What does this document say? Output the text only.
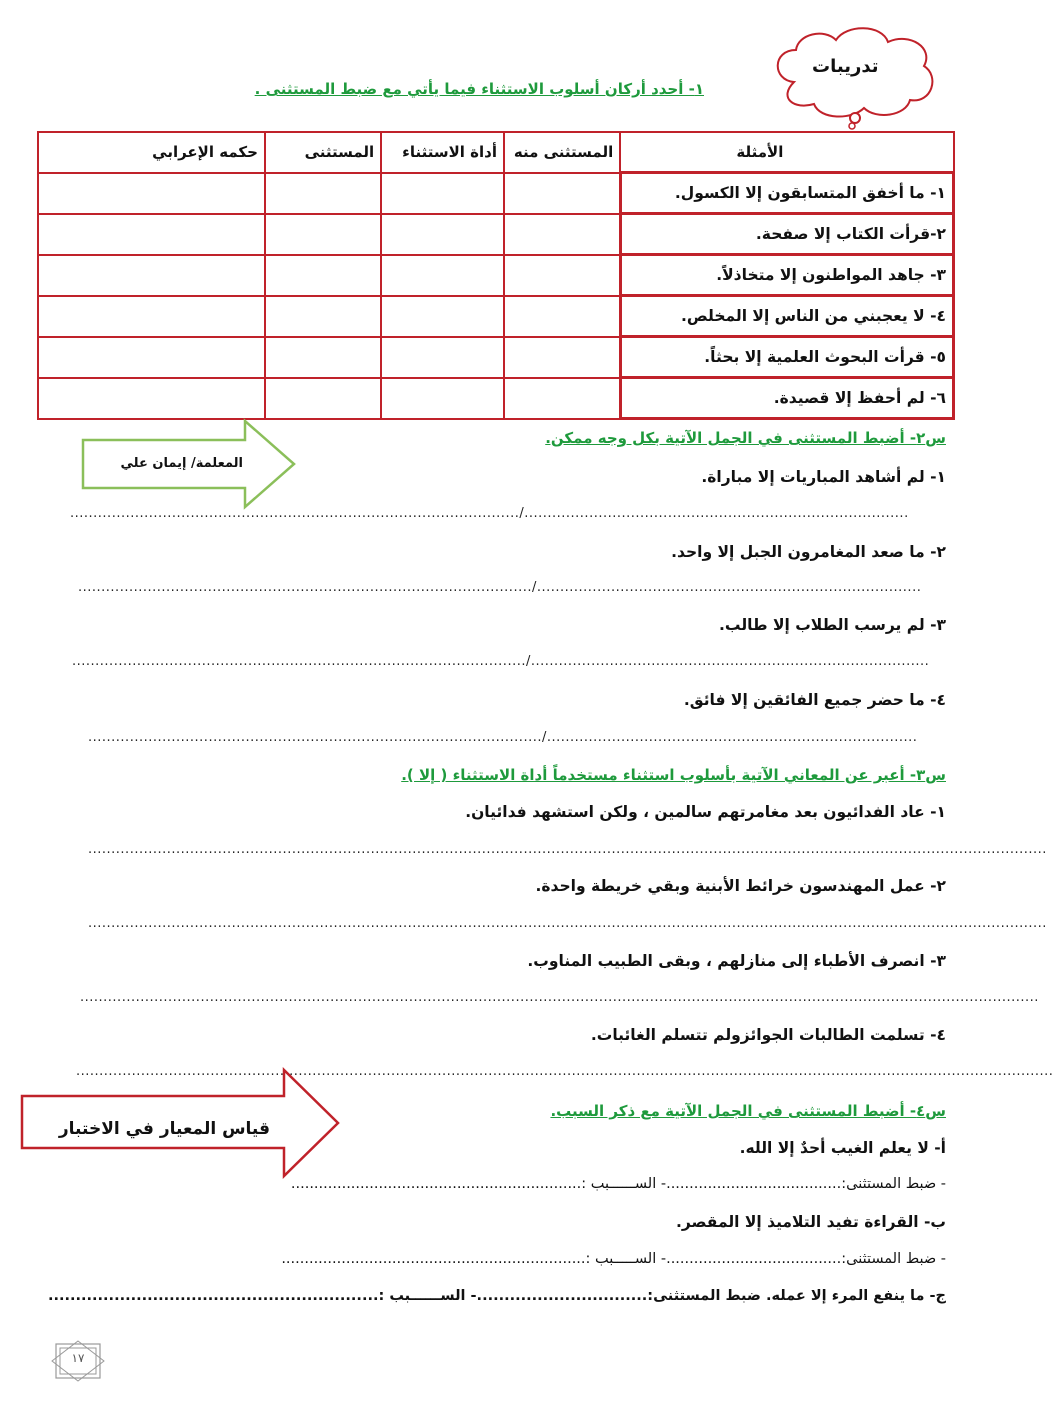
تدريبات
١- أحدد أركان أسلوب الاستثناء فيما يأتي مع ضبط المستثنى .
الأمثلة	المستثنى منه	أداة الاستثناء	المستثنى	حكمه الإعرابي
١- ما أخفق المتسابقون إلا الكسول.				
٢-قرأت الكتاب إلا صفحة.				
٣- جاهد المواطنون إلا متخاذلاً.				
٤- لا يعجبني من الناس إلا المخلص.				
٥- قرأت البحوث العلمية إلا بحثاً.				
٦- لم أحفظ إلا قصيدة.				
المعلمة/ إيمان علي
س٢- أضبط المستثنى في الجمل الآتية بكل وجه ممكن.
١- لم أشاهد المباريات إلا مباراة.
................................................................................................./...................................................................................
٢- ما صعد المغامرون الجبل إلا واحد.
................................................................................................../...................................................................................
٣- لم يرسب الطلاب إلا طالب.
................................................................................................../......................................................................................
٤- ما حضر جميع الفائقين إلا فائق.
................................................................................................../................................................................................
س٣- أعبر عن المعاني الآتية بأسلوب استثناء مستخدماً أداة الاستثناء ( إلا ).
١- عاد الفدائيون بعد مغامرتهم سالمين ، ولكن استشهد فدائيان.
...............................................................................................................................................................................................................
٢- عمل المهندسون خرائط الأبنية وبقي خريطة واحدة.
...............................................................................................................................................................................................................
٣- انصرف الأطباء إلى منازلهم ، وبقى الطبيب المناوب.
...............................................................................................................................................................................................................
٤- تسلمت الطالبات الجوائزولم تتسلم الغائبات.
...................................................................................................................................................................................................................
قياس المعيار في الاختبار
س٤- أضبط المستثنى في الجمل الآتية مع ذكر السبب.
أ- لا يعلم الغيب أحدٌ إلا الله.
- ضبط المستثنى:......................................- الســــــبب :...............................................................
ب- القراءة تفيد التلاميذ إلا المقصر.
- ضبط المستثنى:......................................- الســـــبب :..................................................................
ج- ما ينفع المرء إلا عمله. ضبط المستثنى:...............................- الســــــبب :............................................................
١٧
